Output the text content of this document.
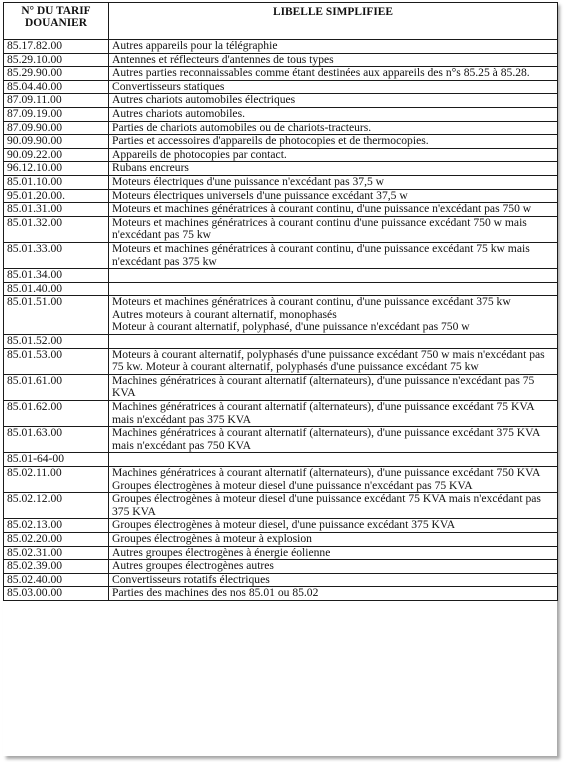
N° DU TARIF DOUANIER	LIBELLE SIMPLIFIEE
85.17.82.00	Autres appareils pour la télégraphie
85.29.10.00	Antennes et réflecteurs d'antennes de tous types
85.29.90.00	Autres parties reconnaissables comme étant destinées aux appareils des n°s 85.25 à 85.28.
85.04.40.00	Convertisseurs statiques
87.09.11.00	Autres chariots automobiles électriques
87.09.19.00	Autres chariots automobiles.
87.09.90.00	Parties de chariots automobiles ou de chariots-tracteurs.
90.09.90.00	Parties et accessoires d'appareils de photocopies et de thermocopies.
90.09.22.00	Appareils de photocopies par contact.
96.12.10.00	Rubans encreurs
85.01.10.00	Moteurs électriques d'une puissance n'excédant pas 37,5 w
95.01.20.00.	Moteurs électriques universels d'une puissance excédant 37,5 w
85.01.31.00	Moteurs et machines génératrices à courant continu, d'une puissance n'excédant pas 750 w
85.01.32.00	Moteurs et machines génératrices à courant continu d'une puissance excédant 750 w mais n'excédant pas 75 kw
85.01.33.00	Moteurs et machines génératrices à courant continu, d'une puissance excédant 75 kw mais n'excédant pas 375 kw
85.01.34.00	
85.01.40.00	
85.01.51.00	Moteurs et machines génératrices à courant continu, d'une puissance excédant 375 kw
Autres moteurs à courant alternatif, monophasés
Moteur à courant alternatif, polyphasé, d'une puissance n'excédant pas 750 w
85.01.52.00	
85.01.53.00	Moteurs à courant alternatif, polyphasés d'une puissance excédant 750 w mais n'excédant pas 75 kw. Moteur à courant alternatif, polyphasés d'une puissance excédant 75 kw
85.01.61.00	Machines génératrices à courant alternatif (alternateurs), d'une puissance n'excédant pas 75 KVA
85.01.62.00	Machines génératrices à courant alternatif (alternateurs), d'une puissance excédant 75 KVA mais n'excédant pas 375 KVA
85.01.63.00	Machines génératrices à courant alternatif (alternateurs), d'une puissance excédant 375 KVA mais n'excédant pas 750 KVA
85.01-64-00	
85.02.11.00	Machines génératrices à courant alternatif (alternateurs), d'une puissance excédant 750 KVA
Groupes électrogènes à moteur diesel d'une puissance n'excédant pas 75 KVA
85.02.12.00	Groupes électrogènes à moteur diesel d'une puissance excédant 75 KVA mais n'excédant pas 375 KVA
85.02.13.00	Groupes électrogènes à moteur diesel, d'une puissance excédant 375 KVA
85.02.20.00	Groupes électrogènes à moteur à explosion
85.02.31.00	Autres groupes électrogènes à énergie éolienne
85.02.39.00	Autres groupes électrogènes autres
85.02.40.00	Convertisseurs rotatifs électriques
85.03.00.00	Parties des machines des nos 85.01 ou 85.02
